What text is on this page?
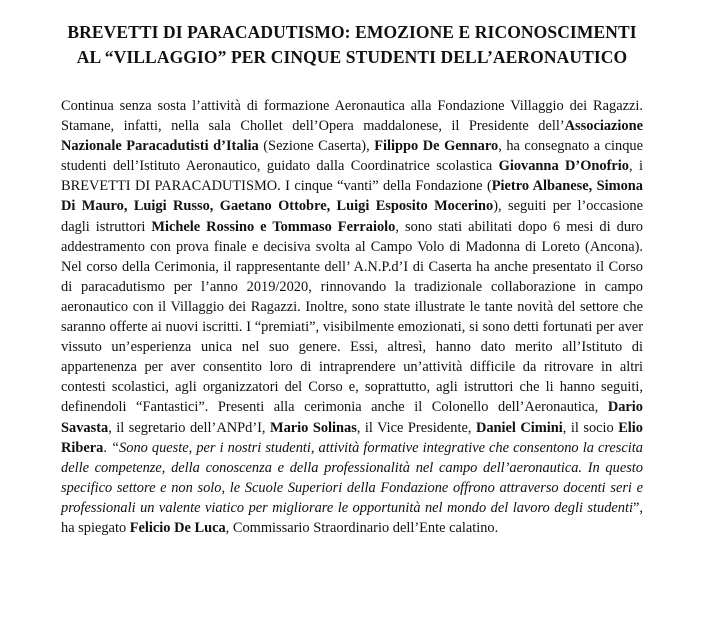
BREVETTI DI PARACADUTISMO: EMOZIONE E RICONOSCIMENTI
AL “VILLAGGIO” PER CINQUE STUDENTI DELL’AERONAUTICO
Continua senza sosta l’attività di formazione Aeronautica alla Fondazione Villaggio dei Ragazzi. Stamane, infatti, nella sala Chollet dell’Opera maddalonese, il Presidente dell’Associazione Nazionale Paracadutisti d’Italia (Sezione Caserta), Filippo De Gennaro, ha consegnato a cinque studenti dell’Istituto Aeronautico, guidato dalla Coordinatrice scolastica Giovanna D’Onofrio, i BREVETTI DI PARACADUTISMO. I cinque “vanti” della Fondazione (Pietro Albanese, Simona Di Mauro, Luigi Russo, Gaetano Ottobre, Luigi Esposito Mocerino), seguiti per l’occasione dagli istruttori Michele Rossino e Tommaso Ferraiolo, sono stati abilitati dopo 6 mesi di duro addestramento con prova finale e decisiva svolta al Campo Volo di Madonna di Loreto (Ancona). Nel corso della Cerimonia, il rappresentante dell’ A.N.P.d’I di Caserta ha anche presentato il Corso di paracadutismo per l’anno 2019/2020, rinnovando la tradizionale collaborazione in campo aeronautico con il Villaggio dei Ragazzi. Inoltre, sono state illustrate le tante novità del settore che saranno offerte ai nuovi iscritti. I “premiati”, visibilmente emozionati, si sono detti fortunati per aver vissuto un’esperienza unica nel suo genere. Essi, altresì, hanno dato merito all’Istituto di appartenenza per aver consentito loro di intraprendere un’attività difficile da ritrovare in altri contesti scolastici, agli organizzatori del Corso e, soprattutto, agli istruttori che li hanno seguiti, definendoli “Fantastici”. Presenti alla cerimonia anche il Colonello dell’Aeronautica, Dario Savasta, il segretario dell’ANPd’I, Mario Solinas, il Vice Presidente, Daniel Cimini, il socio Elio Ribera. “Sono queste, per i nostri studenti, attività formative integrative che consentono la crescita delle competenze, della conoscenza e della professionalità nel campo dell’aeronautica. In questo specifico settore e non solo, le Scuole Superiori della Fondazione offrono attraverso docenti seri e professionali un valente viatico per migliorare le opportunità nel mondo del lavoro degli studenti”, ha spiegato Felicio De Luca, Commissario Straordinario dell’Ente calatino.
